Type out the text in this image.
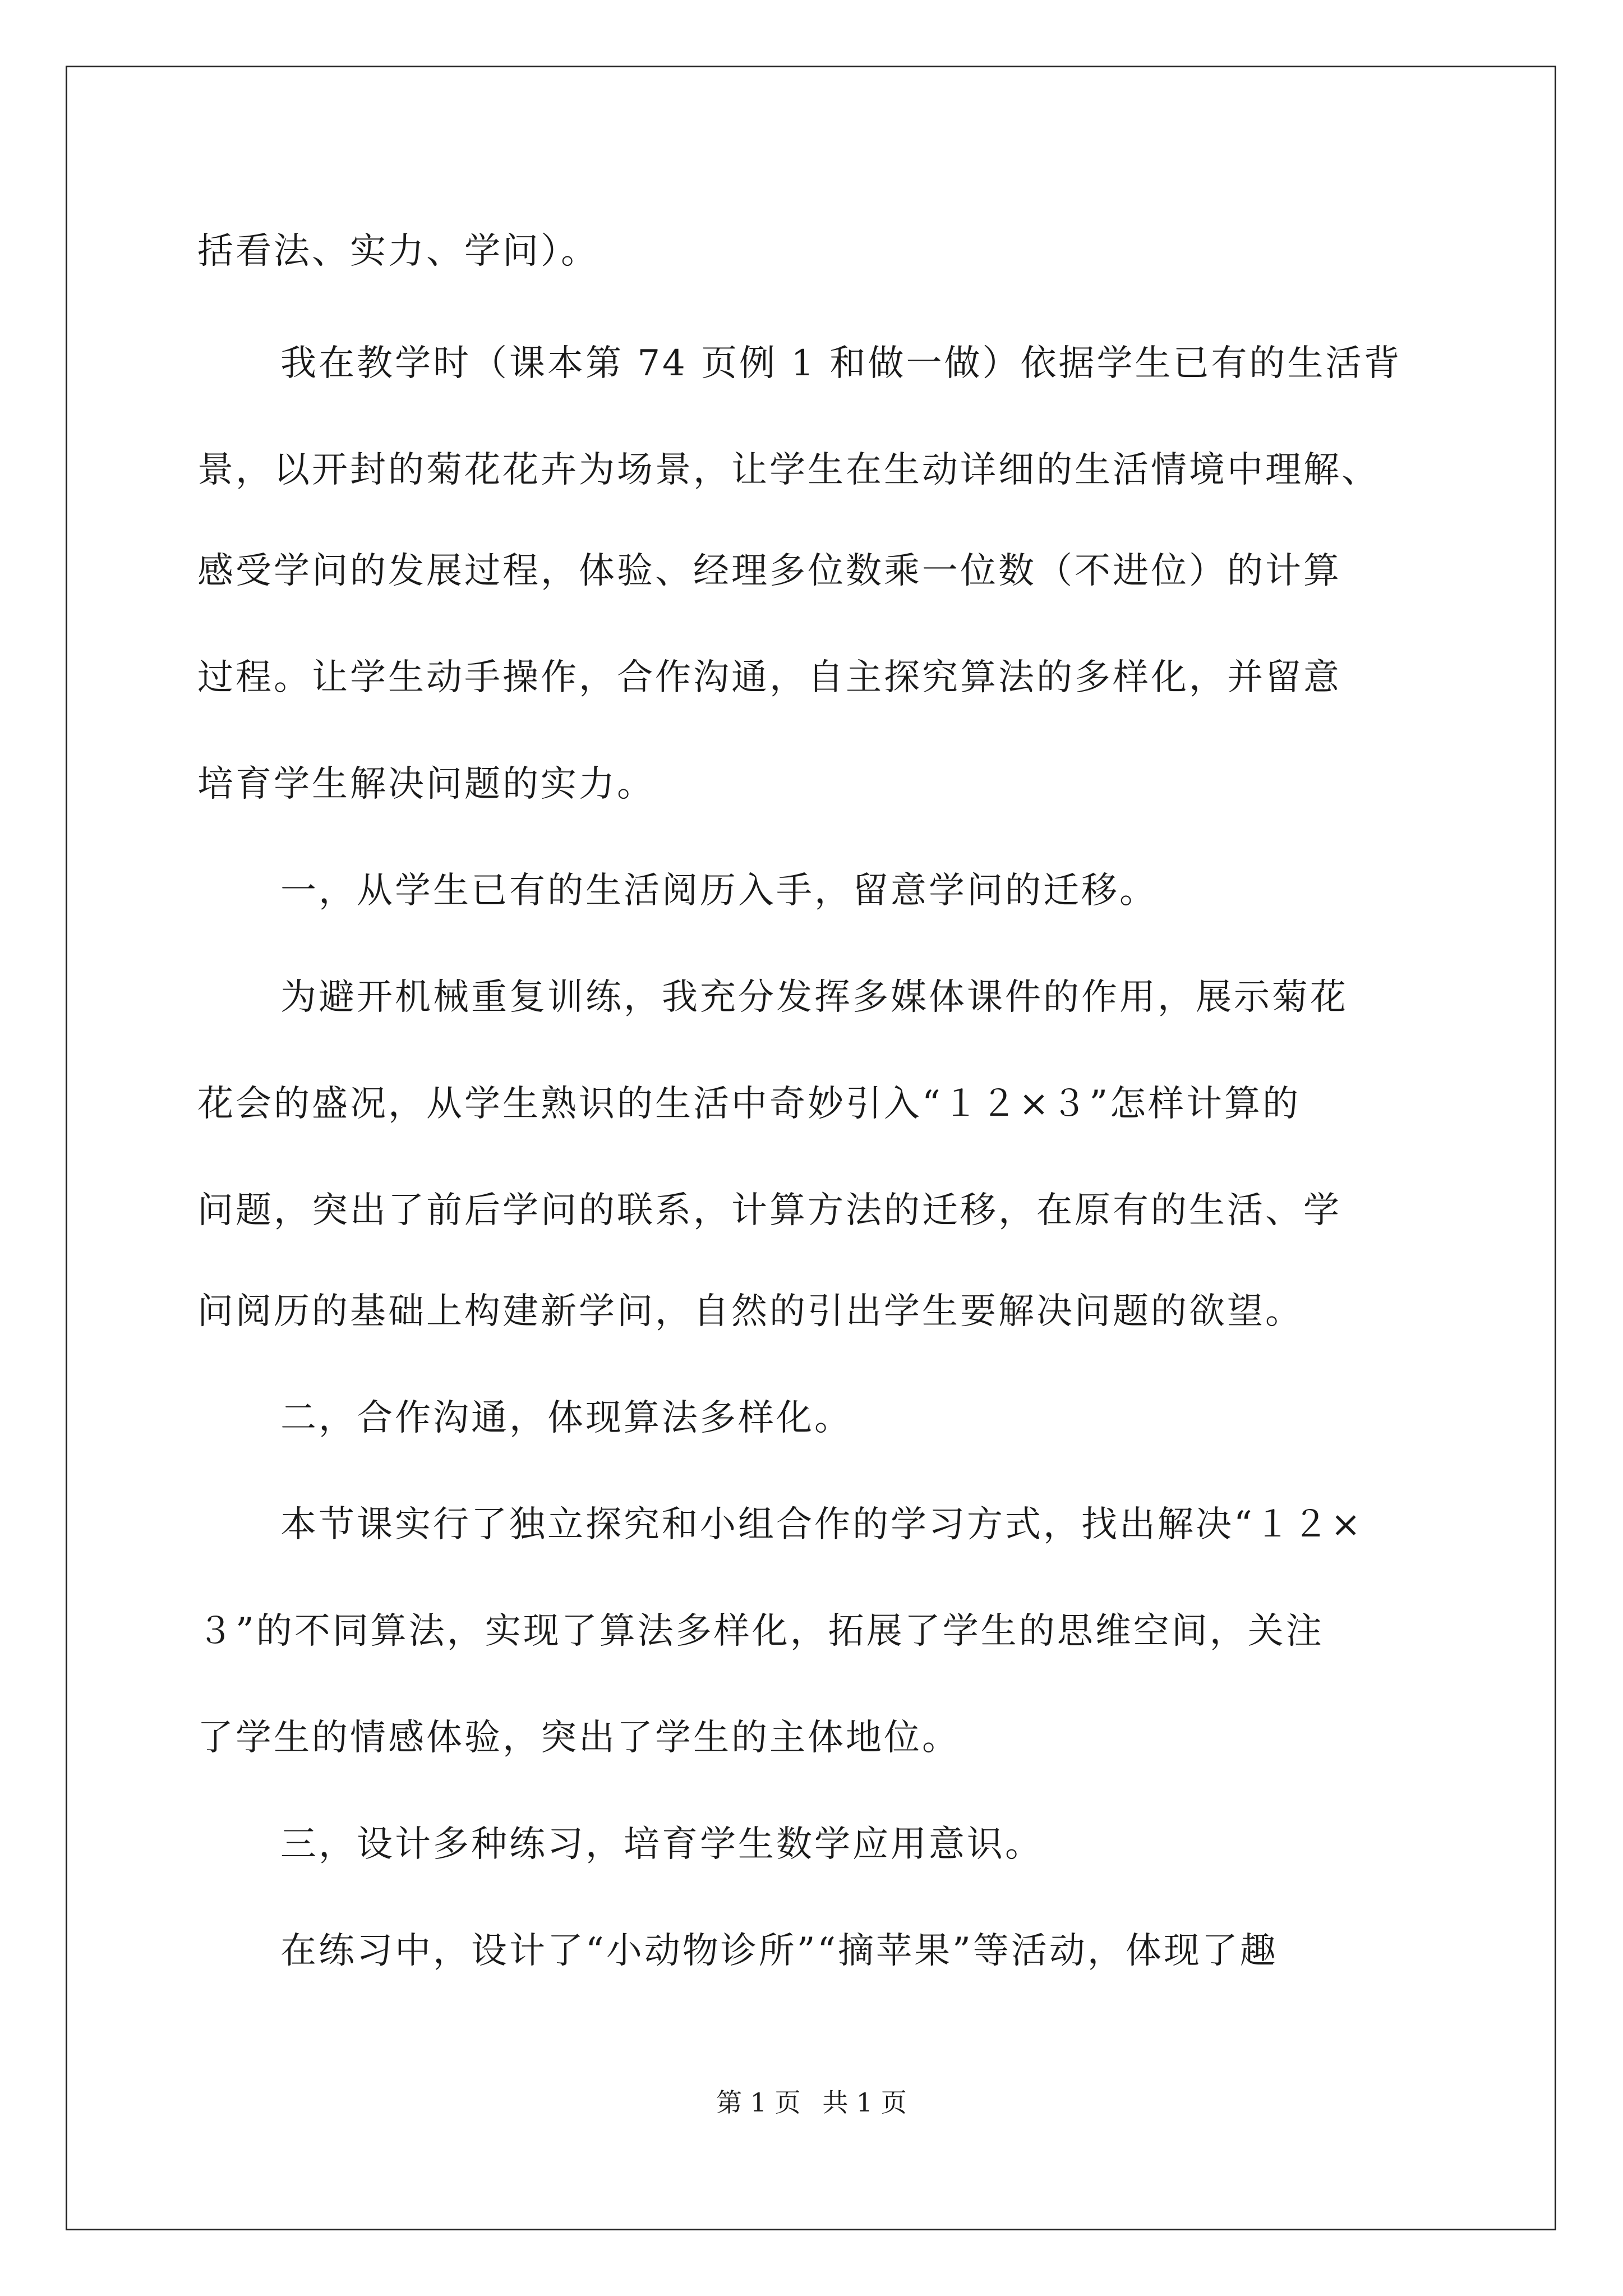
括看法、实力、学问）。
我在教学时（课本第 74 页例 1 和做一做）依据学生已有的生活背
景，以开封的菊花花卉为场景，让学生在生动详细的生活情境中理解、
感受学问的发展过程，体验、经理多位数乘一位数（不进位）的计算
过程。让学生动手操作，合作沟通，自主探究算法的多样化，并留意
培育学生解决问题的实力。
一，从学生已有的生活阅历入手，留意学问的迁移。
为避开机械重复训练，我充分发挥多媒体课件的作用，展示菊花
花会的盛况，从学生熟识的生活中奇妙引入“１２×３”怎样计算的
问题，突出了前后学问的联系，计算方法的迁移，在原有的生活、学
问阅历的基础上构建新学问，自然的引出学生要解决问题的欲望。
二，合作沟通，体现算法多样化。
本节课实行了独立探究和小组合作的学习方式，找出解决“１２×
３”的不同算法，实现了算法多样化，拓展了学生的思维空间，关注
了学生的情感体验，突出了学生的主体地位。
三，设计多种练习，培育学生数学应用意识。
在练习中，设计了“小动物诊所”“摘苹果”等活动，体现了趣
第 1 页 共 1 页
